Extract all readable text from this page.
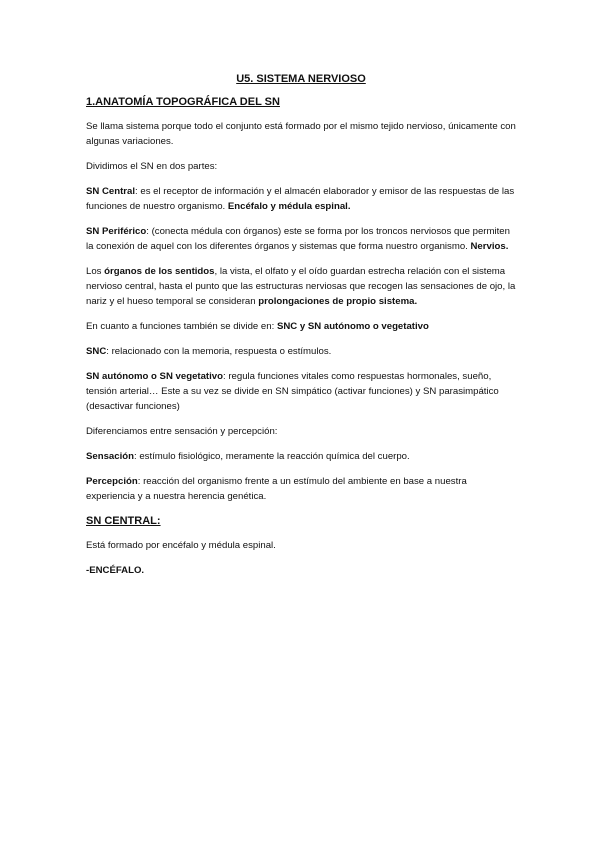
U5. SISTEMA NERVIOSO
1.ANATOMÍA TOPOGRÁFICA DEL SN

Se llama sistema porque todo el conjunto está formado por el mismo tejido nervioso, únicamente con algunas variaciones.

Dividimos el SN en dos partes:

SN Central: es el receptor de información y el almacén elaborador y emisor de las respuestas de las funciones de nuestro organismo. Encéfalo y médula espinal.

SN Periférico: (conecta médula con órganos) este se forma por los troncos nerviosos que permiten la conexión de aquel con los diferentes órganos y sistemas que forma nuestro organismo. Nervios.

Los órganos de los sentidos, la vista, el olfato y el oído guardan estrecha relación con el sistema nervioso central, hasta el punto que las estructuras nerviosas que recogen las sensaciones de ojo, la nariz y el hueso temporal se consideran prolongaciones de propio sistema.

En cuanto a funciones también se divide en: SNC y SN autónomo o vegetativo

SNC: relacionado con la memoria, respuesta o estímulos.

SN autónomo o SN vegetativo: regula funciones vitales como respuestas hormonales, sueño, tensión arterial… Este a su vez se divide en SN simpático (activar funciones) y SN parasimpático (desactivar funciones)

Diferenciamos entre sensación y percepción:

Sensación: estímulo fisiológico, meramente la reacción química del cuerpo.

Percepción: reacción del organismo frente a un estímulo del ambiente en base a nuestra experiencia y a nuestra herencia genética.

SN CENTRAL:

Está formado por encéfalo y médula espinal.

-ENCÉFALO.
